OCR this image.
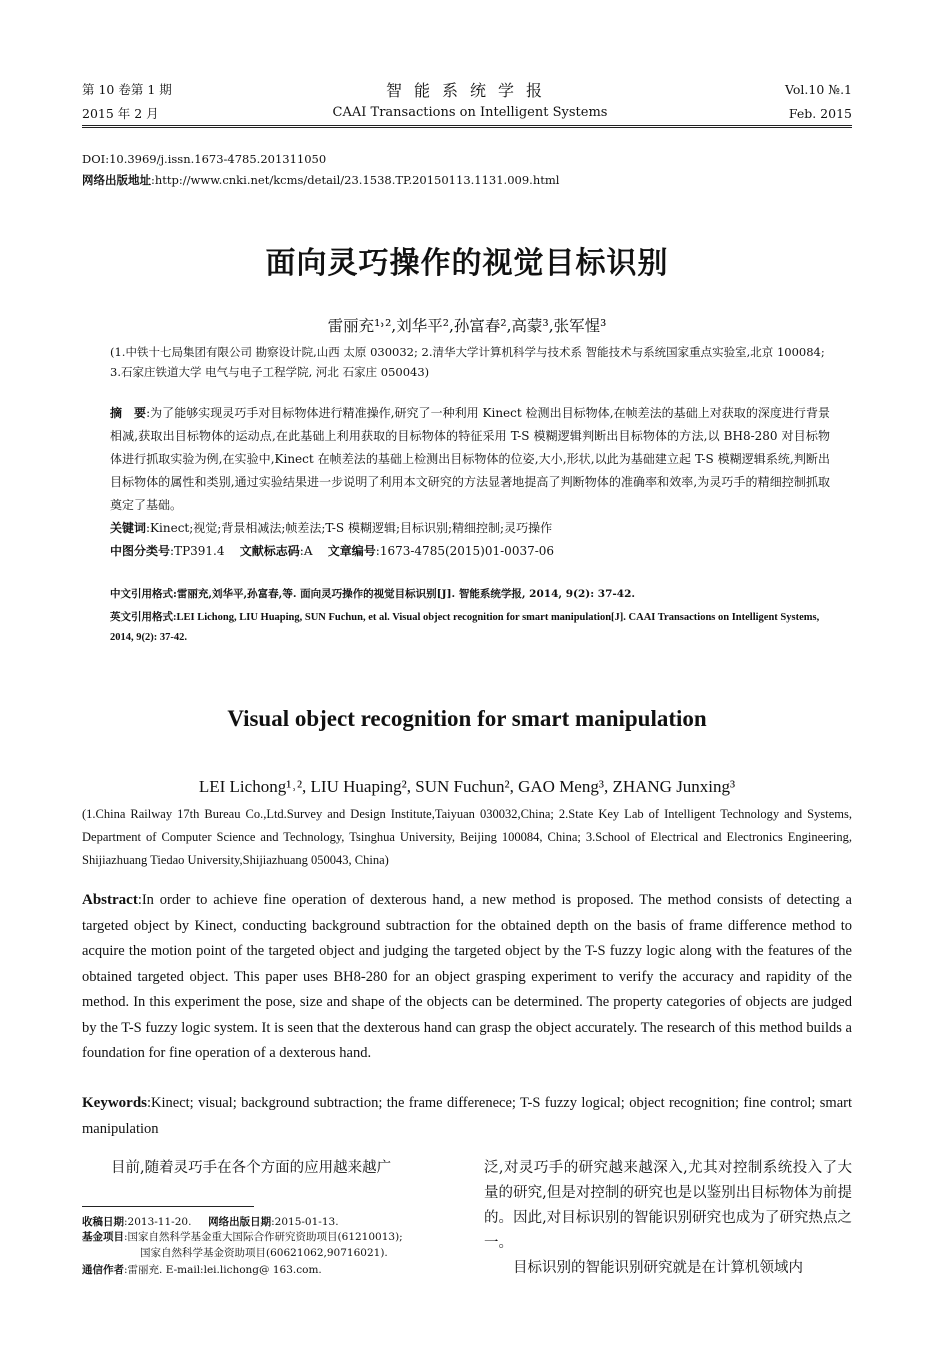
第 10 卷第 1 期
2015 年 2 月
智能系统学报
CAAI Transactions on Intelligent Systems
Vol.10 №.1
Feb. 2015
DOI:10.3969/j.issn.1673-4785.201311050
网络出版地址:http://www.cnki.net/kcms/detail/23.1538.TP.20150113.1131.009.html
面向灵巧操作的视觉目标识别
雷丽充¹˒²,刘华平²,孙富春²,高蒙³,张军惺³
(1.中铁十七局集团有限公司 勘察设计院,山西 太原 030032; 2.清华大学计算机科学与技术系 智能技术与系统国家重点实验室,北京 100084; 3.石家庄铁道大学 电气与电子工程学院, 河北 石家庄 050043)
摘　要:为了能够实现灵巧手对目标物体进行精准操作,研究了一种利用 Kinect 检测出目标物体,在帧差法的基础上对获取的深度进行背景相减,获取出目标物体的运动点,在此基础上利用获取的目标物体的特征采用 T-S 模糊逻辑判断出目标物体的方法,以 BH8-280 对目标物体进行抓取实验为例,在实验中,Kinect 在帧差法的基础上检测出目标物体的位姿,大小,形状,以此为基础建立起 T-S 模糊逻辑系统,判断出目标物体的属性和类别,通过实验结果进一步说明了利用本文研究的方法显著地提高了判断物体的准确率和效率,为灵巧手的精细控制抓取奠定了基础。
关键词:Kinect;视觉;背景相减法;帧差法;T-S 模糊逻辑;目标识别;精细控制;灵巧操作
中图分类号:TP391.4 文献标志码:A 文章编号:1673-4785(2015)01-0037-06
中文引用格式:雷丽充,刘华平,孙富春,等. 面向灵巧操作的视觉目标识别[J]. 智能系统学报, 2014, 9(2): 37-42.
英文引用格式:LEI Lichong, LIU Huaping, SUN Fuchun, et al. Visual object recognition for smart manipulation[J]. CAAI Transactions on Intelligent Systems, 2014, 9(2): 37-42.
Visual object recognition for smart manipulation
LEI Lichong¹˒², LIU Huaping², SUN Fuchun², GAO Meng³, ZHANG Junxing³
(1.China Railway 17th Bureau Co.,Ltd.Survey and Design Institute,Taiyuan 030032,China; 2.State Key Lab of Intelligent Technology and Systems, Department of Computer Science and Technology, Tsinghua University, Beijing 100084, China; 3.School of Electrical and Electronics Engineering, Shijiazhuang Tiedao University,Shijiazhuang 050043, China)
Abstract:In order to achieve fine operation of dexterous hand, a new method is proposed. The method consists of detecting a targeted object by Kinect, conducting background subtraction for the obtained depth on the basis of frame difference method to acquire the motion point of the targeted object and judging the targeted object by the T-S fuzzy logic along with the features of the obtained targeted object. This paper uses BH8-280 for an object grasping experiment to verify the accuracy and rapidity of the method. In this experiment the pose, size and shape of the objects can be determined. The property categories of objects are judged by the T-S fuzzy logic system. It is seen that the dexterous hand can grasp the object accurately. The research of this method builds a foundation for fine operation of a dexterous hand.
Keywords:Kinect; visual; background subtraction; the frame differenece; T-S fuzzy logical; object recognition; fine control; smart manipulation
目前,随着灵巧手在各个方面的应用越来越广
收稿日期:2013-11-20. 网络出版日期:2015-01-13.
基金项目:国家自然科学基金重大国际合作研究资助项目(61210013);
国家自然科学基金资助项目(60621062,90716021).
通信作者:雷丽充. E-mail:lei.lichong@ 163.com.
泛,对灵巧手的研究越来越深入,尤其对控制系统投入了大量的研究,但是对控制的研究也是以鉴别出目标物体为前提的。因此,对目标识别的智能识别研究也成为了研究热点之一。
目标识别的智能识别研究就是在计算机领域内
